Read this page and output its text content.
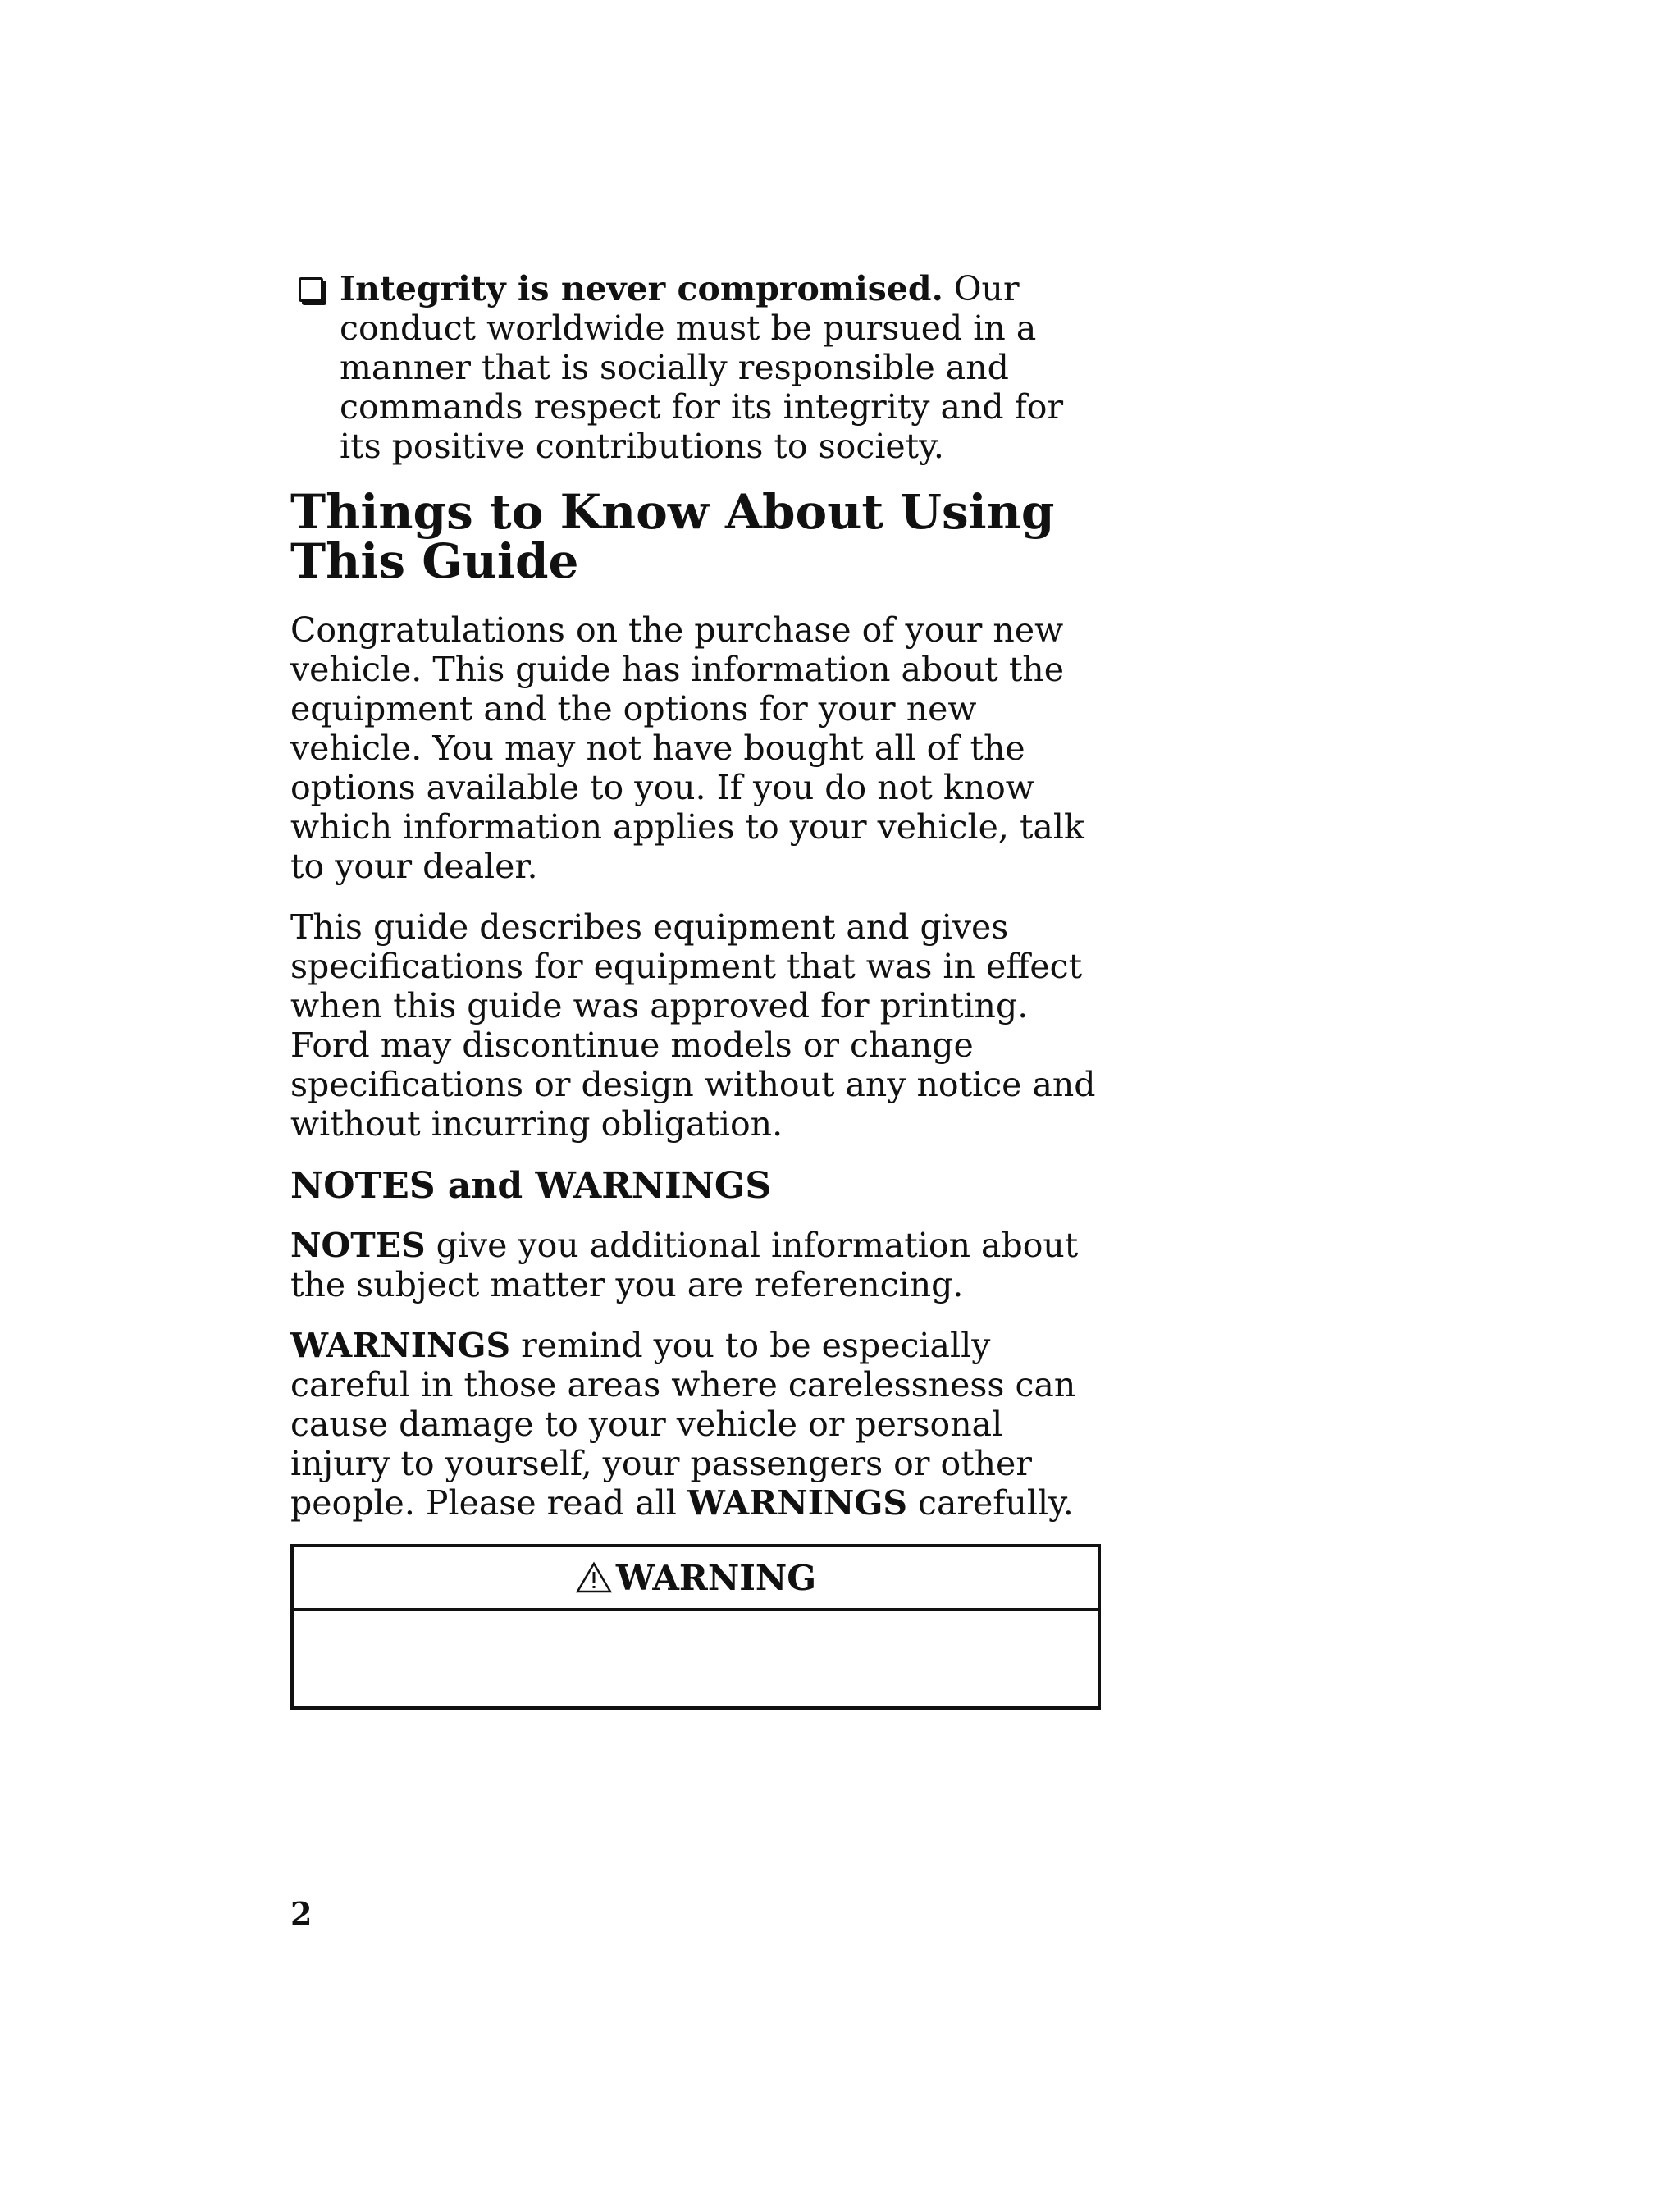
Integrity is never compromised. Our conduct worldwide must be pursued in a manner that is socially responsible and commands respect for its integrity and for its positive contributions to society.

Things to Know About Using This Guide

Congratulations on the purchase of your new vehicle. This guide has information about the equipment and the options for your new vehicle. You may not have bought all of the options available to you. If you do not know which information applies to your vehicle, talk to your dealer.

This guide describes equipment and gives specifications for equipment that was in effect when this guide was approved for printing. Ford may discontinue models or change specifications or design without any notice and without incurring obligation.

NOTES and WARNINGS

NOTES give you additional information about the subject matter you are referencing.

WARNINGS remind you to be especially careful in those areas where carelessness can cause damage to your vehicle or personal injury to yourself, your passengers or other people. Please read all WARNINGS carefully.

WARNING
2
